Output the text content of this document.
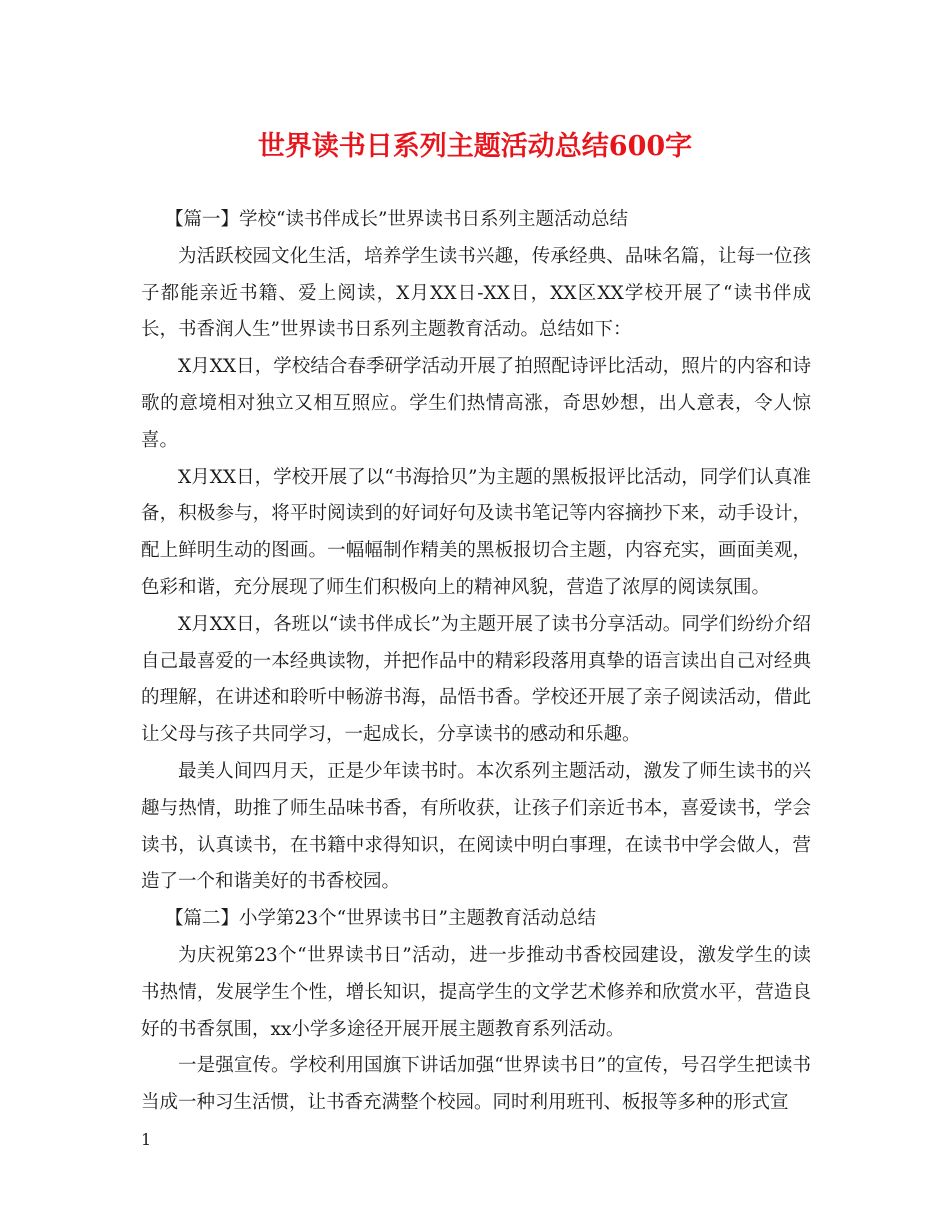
世界读书日系列主题活动总结600字

【篇一】学校“读书伴成长”世界读书日系列主题活动总结

为活跃校园文化生活，培养学生读书兴趣，传承经典、品味名篇，让每一位孩子都能亲近书籍、爱上阅读，X月XX日-XX日，XX区XX学校开展了“读书伴成长，书香润人生”世界读书日系列主题教育活动。总结如下：

X月XX日，学校结合春季研学活动开展了拍照配诗评比活动，照片的内容和诗歌的意境相对独立又相互照应。学生们热情高涨，奇思妙想，出人意表，令人惊喜。

X月XX日，学校开展了以“书海拾贝”为主题的黑板报评比活动，同学们认真准备，积极参与，将平时阅读到的好词好句及读书笔记等内容摘抄下来，动手设计，配上鲜明生动的图画。一幅幅制作精美的黑板报切合主题，内容充实，画面美观，色彩和谐，充分展现了师生们积极向上的精神风貌，营造了浓厚的阅读氛围。

X月XX日，各班以“读书伴成长”为主题开展了读书分享活动。同学们纷纷介绍自己最喜爱的一本经典读物，并把作品中的精彩段落用真挚的语言读出自己对经典的理解，在讲述和聆听中畅游书海，品悟书香。学校还开展了亲子阅读活动，借此让父母与孩子共同学习，一起成长，分享读书的感动和乐趣。

最美人间四月天，正是少年读书时。本次系列主题活动，激发了师生读书的兴趣与热情，助推了师生品味书香，有所收获，让孩子们亲近书本，喜爱读书，学会读书，认真读书，在书籍中求得知识，在阅读中明白事理，在读书中学会做人，营造了一个和谐美好的书香校园。

【篇二】小学第23个“世界读书日”主题教育活动总结

为庆祝第23个“世界读书日”活动，进一步推动书香校园建设，激发学生的读书热情，发展学生个性，增长知识，提高学生的文学艺术修养和欣赏水平，营造良好的书香氛围，xx小学多途径开展开展主题教育系列活动。

一是强宣传。学校利用国旗下讲话加强“世界读书日”的宣传，号召学生把读书当成一种习生活惯，让书香充满整个校园。同时利用班刊、板报等多种的形式宣

1
